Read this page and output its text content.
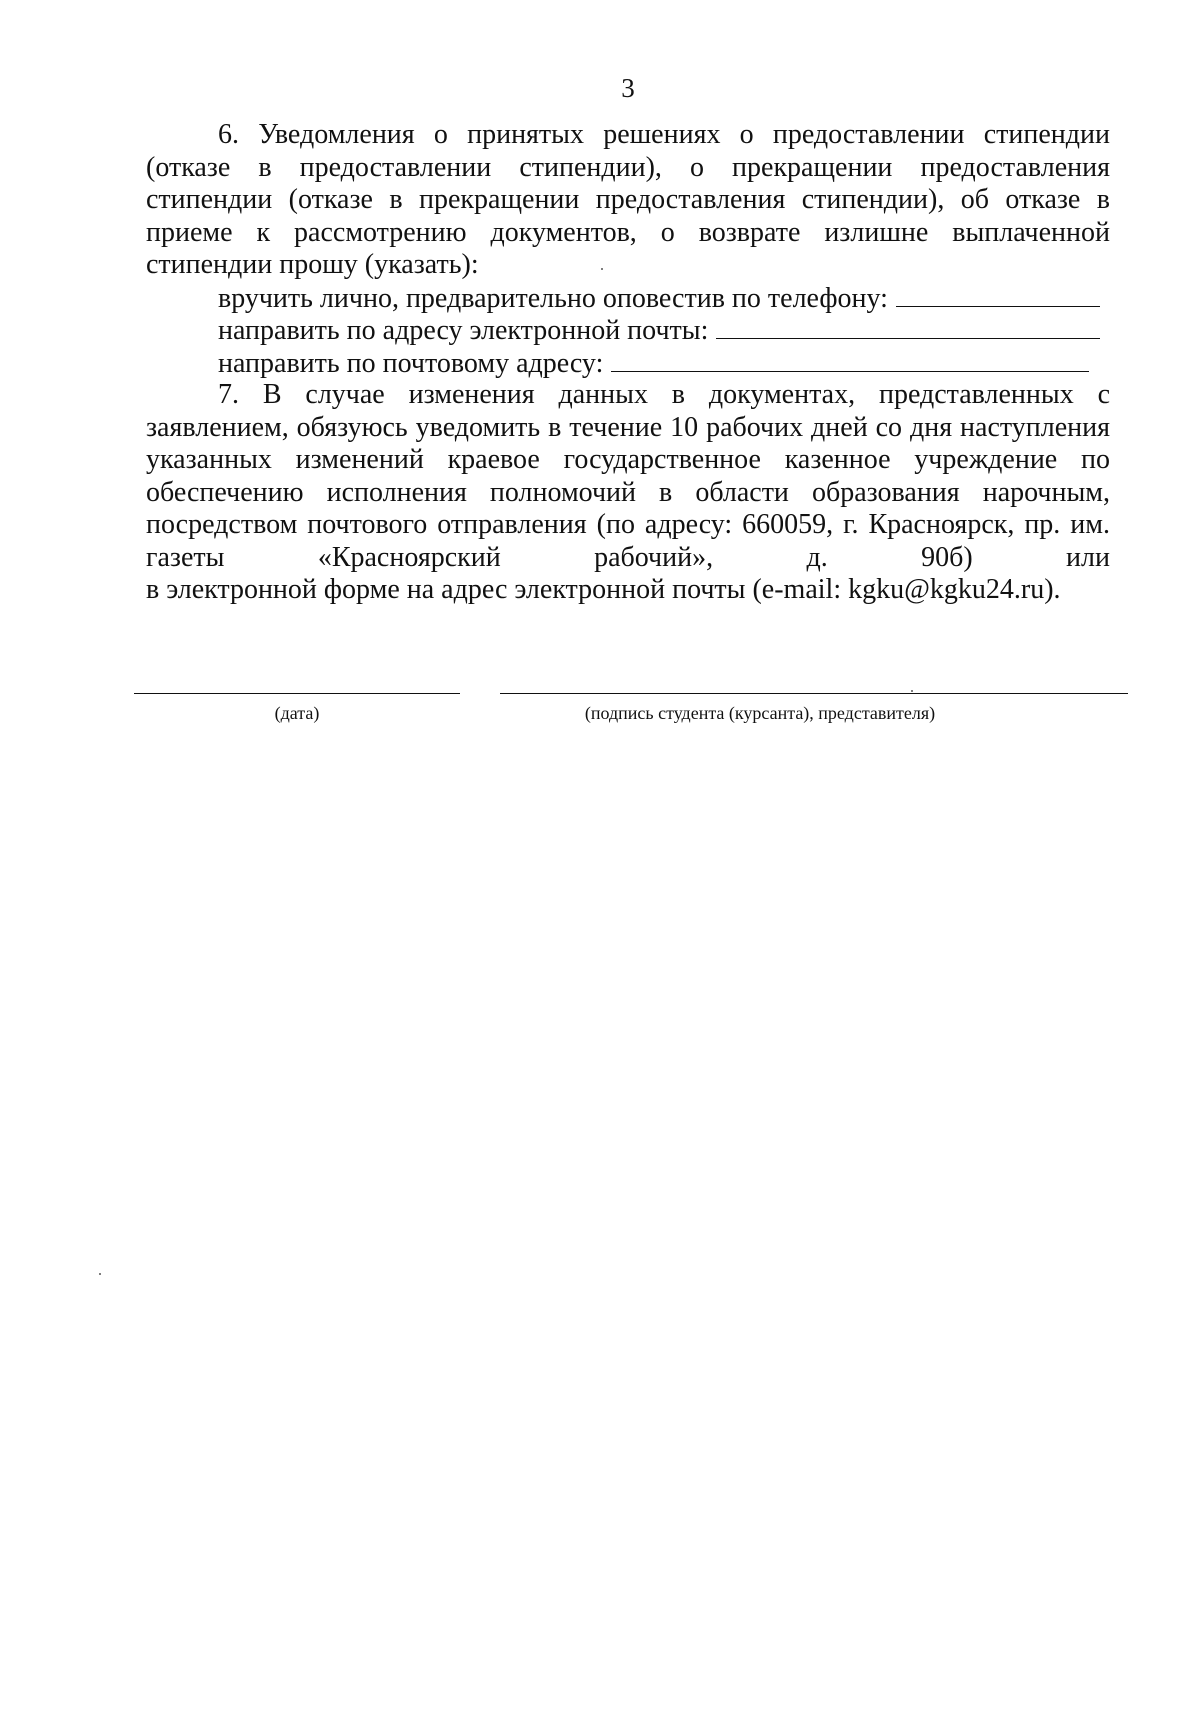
3

6. Уведомления о принятых решениях о предоставлении стипендии (отказе в предоставлении стипендии), о прекращении предоставления стипендии (отказе в прекращении предоставления стипендии), об отказе в приеме к рассмотрению документов, о возврате излишне выплаченной

стипендии прошу (указать):

вручить лично, предварительно оповестив по телефону:
направить по адресу электронной почты:
направить по почтовому адресу:

7. В случае изменения данных в документах, представленных с заявлением, обязуюсь уведомить в течение 10 рабочих дней со дня наступления указанных изменений краевое государственное казенное учреждение по обеспечению исполнения полномочий в области образования нарочным, посредством почтового отправления (по адресу: 660059, г. Красноярск, пр. им. газеты «Красноярский рабочий», д. 90б) или

в электронной форме на адрес электронной почты (e-mail: kgku@kgku24.ru).

(дата)	(подпись студента (курсанта), представителя)
